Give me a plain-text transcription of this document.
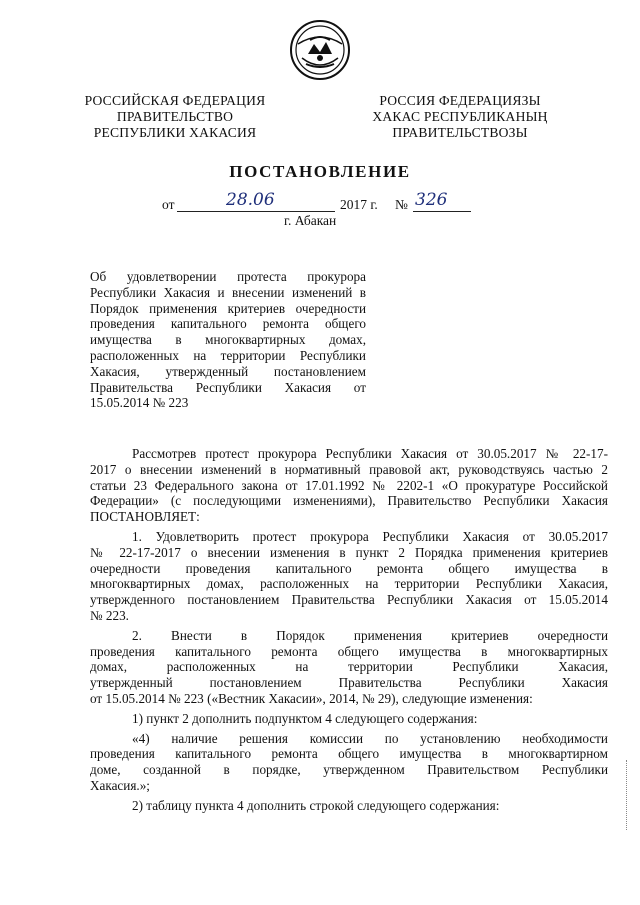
РОССИЙСКАЯ ФЕДЕРАЦИЯ
ПРАВИТЕЛЬСТВО
РЕСПУБЛИКИ ХАКАСИЯ
РОССИЯ ФЕДЕРАЦИЯЗЫ
ХАКАС РЕСПУБЛИКАНЫҢ
ПРАВИТЕЛЬСТВОЗЫ
ПОСТАНОВЛЕНИЕ
от	28.06	2017 г. № 326
г. Абакан
Об удовлетворении протеста прокурора
Республики Хакасия и внесении изменений в
Порядок применения критериев очередности
проведения капитального ремонта общего
имущества в многоквартирных домах,
расположенных на территории Республики
Хакасия, утвержденный постановлением
Правительства Республики Хакасия от
15.05.2014 № 223
Рассмотрев протест прокурора Республики Хакасия от 30.05.2017 № 22-17-
2017 о внесении изменений в нормативный правовой акт, руководствуясь частью 2
статьи 23 Федерального закона от 17.01.1992 № 2202-1 «О прокуратуре Российской
Федерации» (с последующими изменениями), Правительство Республики Хакасия
ПОСТАНОВЛЯЕТ:
1. Удовлетворить протест прокурора Республики Хакасия от 30.05.2017
№ 22-17-2017 о внесении изменения в пункт 2 Порядка применения критериев
очередности проведения капитального ремонта общего имущества в
многоквартирных домах, расположенных на территории Республики Хакасия,
утвержденного постановлением Правительства Республики Хакасия от 15.05.2014
№ 223.
2. Внести в Порядок применения критериев очередности
проведения капитального ремонта общего имущества в многоквартирных
домах, расположенных на территории Республики Хакасия,
утвержденный постановлением Правительства Республики Хакасия
от 15.05.2014 № 223 («Вестник Хакасии», 2014, № 29), следующие изменения:
1) пункт 2 дополнить подпунктом 4 следующего содержания:
«4) наличие решения комиссии по установлению необходимости
проведения капитального ремонта общего имущества в многоквартирном
доме, созданной в порядке, утвержденном Правительством Республики
Хакасия.»;
2) таблицу пункта 4 дополнить строкой следующего содержания:
